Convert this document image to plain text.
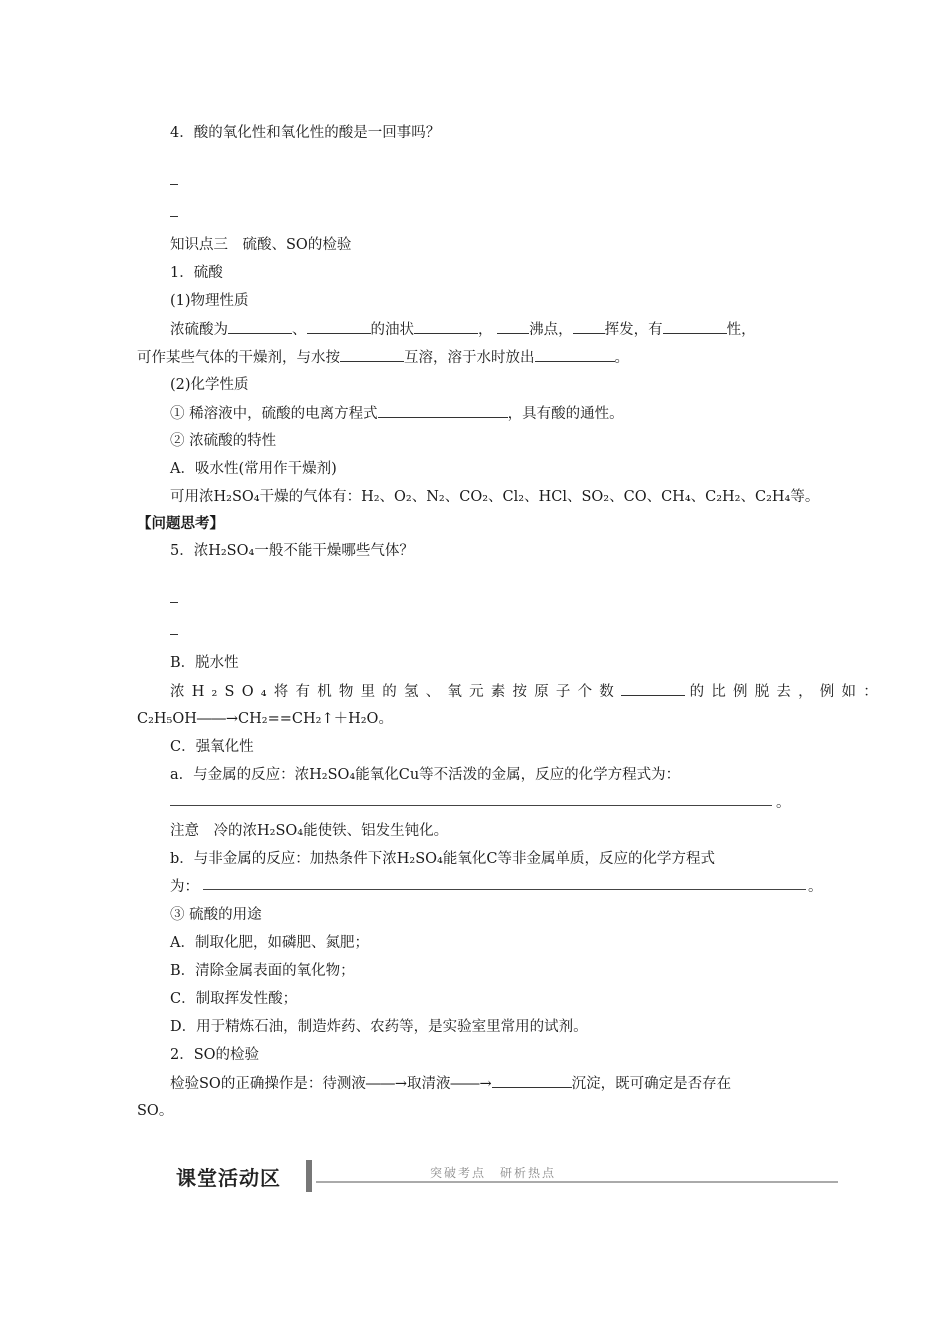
4．酸的氧化性和氧化性的酸是一回事吗？
知识点三　硫酸、SO的检验
1．硫酸
(1)物理性质
浓硫酸为	、	的油状	，	沸点， 挥发，有	性，
可作某些气体的干燥剂，与水按	互溶，溶于水时放出	。
(2)化学性质
① 稀溶液中，硫酸的电离方程式	，具有酸的通性。
② 浓硫酸的特性
A．吸水性(常用作干燥剂)
可用浓H₂SO₄干燥的气体有：H₂、O₂、N₂、CO₂、Cl₂、HCl、SO₂、CO、CH₄、C₂H₂、C₂H₄等。
【问题思考】
5．浓H₂SO₄一般不能干燥哪些气体？
B．脱水性
浓H₂SO₄将有机物里的氢、氧元素按原子个数	的比例脱去，例如：
C₂H₅OH――→CH₂==CH₂↑＋H₂O。
C．强氧化性
a．与金属的反应：浓H₂SO₄能氧化Cu等不活泼的金属，反应的化学方程式为：
。
注意　冷的浓H₂SO₄能使铁、铝发生钝化。
b．与非金属的反应：加热条件下浓H₂SO₄能氧化C等非金属单质，反应的化学方程式
为：	。
③ 硫酸的用途
A．制取化肥，如磷肥、氮肥；
B．清除金属表面的氧化物；
C．制取挥发性酸；
D．用于精炼石油，制造炸药、农药等，是实验室里常用的试剂。
2．SO的检验
检验SO的正确操作是：待测液――→取清液――→	沉淀，既可确定是否存在
SO。
课堂活动区	突破考点　研析热点
